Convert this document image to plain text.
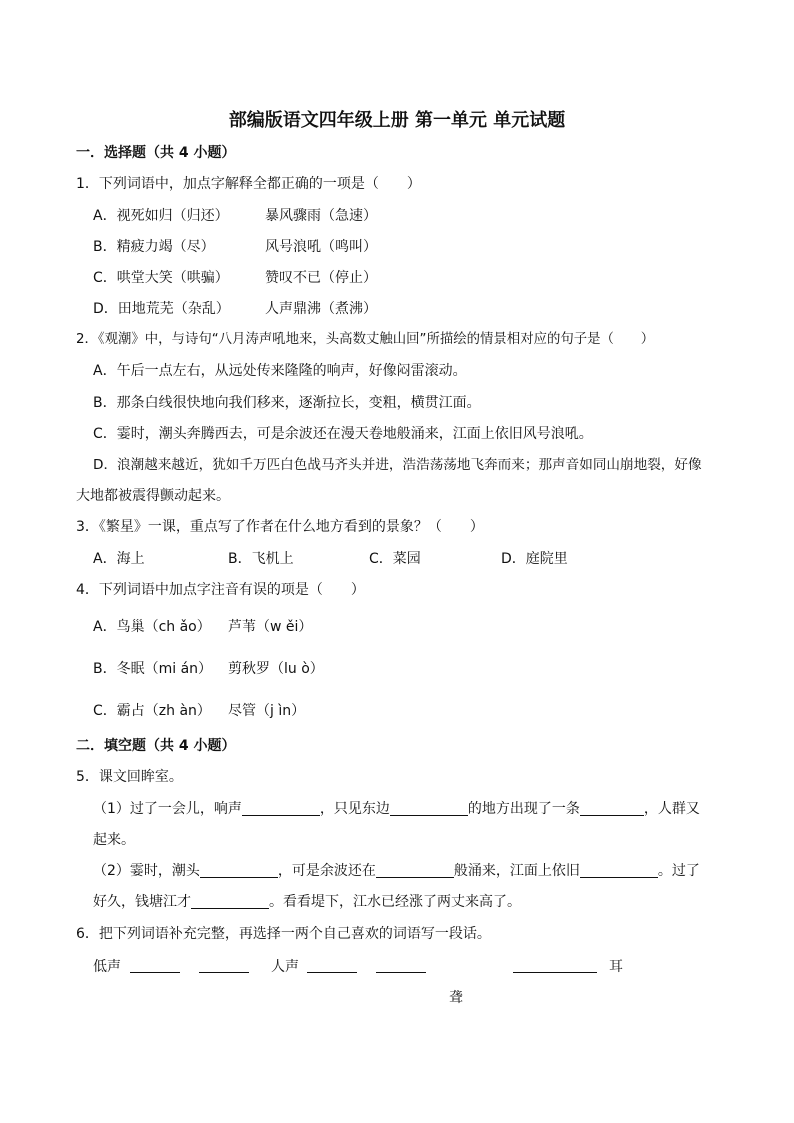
部编版语文四年级上册 第一单元 单元试题
一．选择题（共 4 小题）
1．下列词语中，加点字解释全都正确的一项是（　　）
A．视死如归（归还）	暴风骤雨（急速）
B．精疲力竭（尽）	风号浪吼（鸣叫）
C．哄堂大笑（哄骗）	赞叹不已（停止）
D．田地荒芜（杂乱）	人声鼎沸（煮沸）
2．《观潮》中，与诗句“八月涛声吼地来，头高数丈触山回”所描绘的情景相对应的句子是（　　）
A．午后一点左右，从远处传来隆隆的响声，好像闷雷滚动。
B．那条白线很快地向我们移来，逐渐拉长，变粗，横贯江面。
C．霎时，潮头奔腾西去，可是余波还在漫天卷地般涌来，江面上依旧风号浪吼。
D．浪潮越来越近，犹如千万匹白色战马齐头并进，浩浩荡荡地飞奔而来；那声音如同山崩地裂，好像
大地都被震得颤动起来。
3．《繁星》一课，重点写了作者在什么地方看到的景象？（　　）
A．海上	B．飞机上	C．菜园	D．庭院里
4．下列词语中加点字注音有误的项是（　　）
A．鸟巢（ch ǎo） 芦苇（w ěi）
B．冬眠（mi án） 剪秋罗（lu ò）
C．霸占（zh àn） 尽管（j ìn）
二．填空题（共 4 小题）
5．课文回眸室。
（1）过了一会儿，响声	，只见东边	的地方出现了一条	，人群又
起来。
（2）霎时，潮头	，可是余波还在	般涌来，江面上依旧	。过了
好久，钱塘江才	。看看堤下，江水已经涨了两丈来高了。
6．把下列词语补充完整，再选择一两个自己喜欢的词语写一段话。
低声	人声	耳
聋
